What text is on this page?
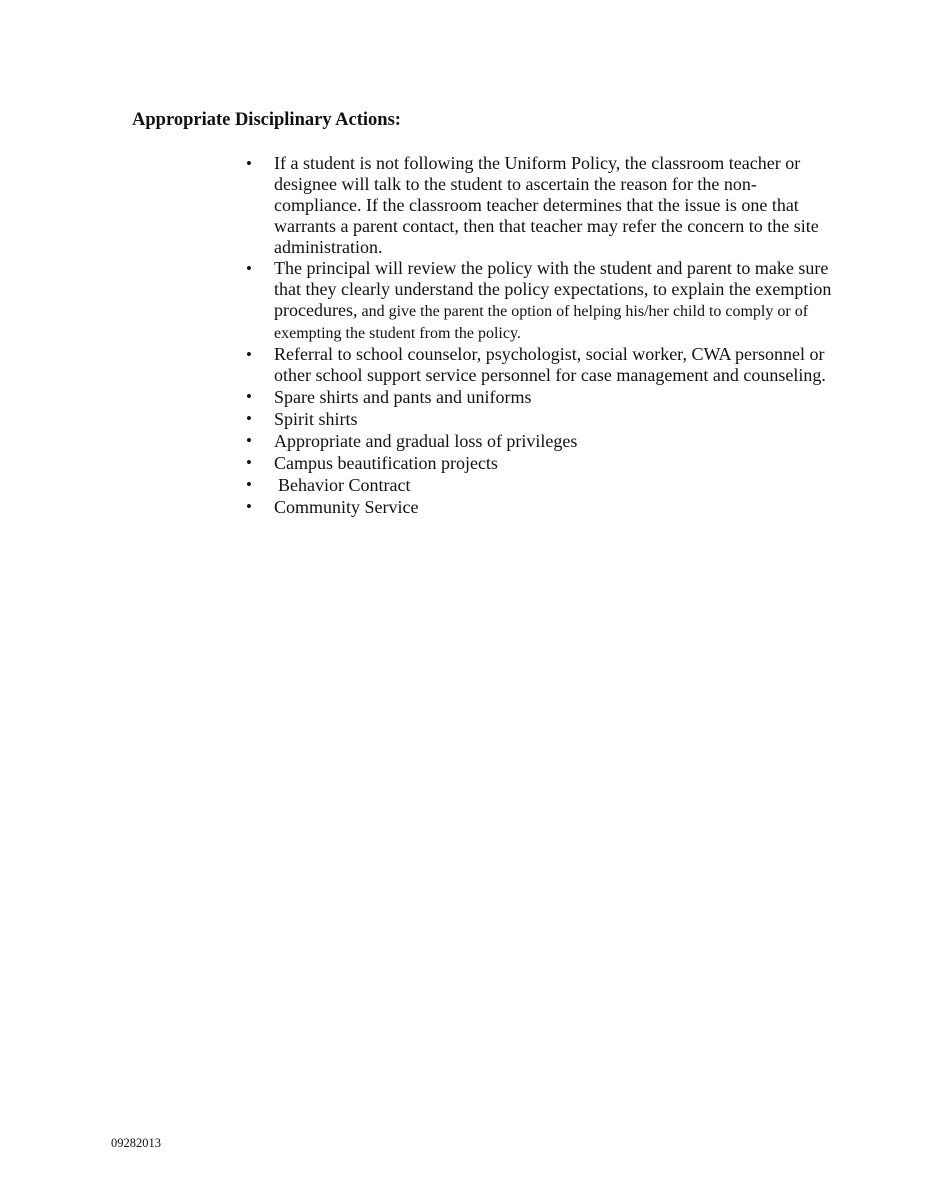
Appropriate Disciplinary Actions:
•	If a student is not following the Uniform Policy, the classroom teacher or designee will talk to the student to ascertain the reason for the non-compliance. If the classroom teacher determines that the issue is one that warrants a parent contact, then that teacher may refer the concern to the site administration.
•	The principal will review the policy with the student and parent to make sure that they clearly understand the policy expectations, to explain the exemption procedures, and give the parent the option of helping his/her child to comply or of exempting the student from the policy.
•	Referral to school counselor, psychologist, social worker, CWA personnel or other school support service personnel for case management and counseling.
•	Spare shirts and pants and uniforms
•	Spirit shirts
•	Appropriate and gradual loss of privileges
•	Campus beautification projects
•	Behavior Contract
•	Community Service
09282013
